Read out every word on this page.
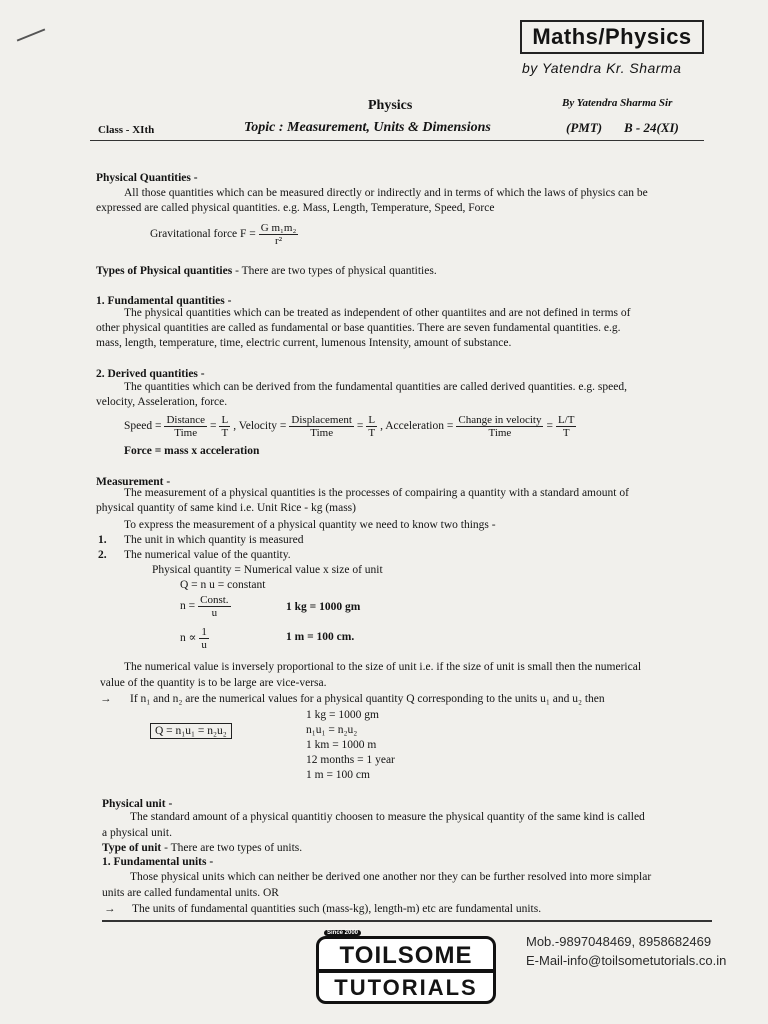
Maths/Physics
by Yatendra Kr. Sharma
Physics	By Yatendra Sharma Sir
Class - XIth	Topic : Measurement, Units & Dimensions	(PMT) B - 24(XI)
Physical Quantities -
All those quantities which can be measured directly or indirectly and in terms of which the laws of physics can be
expressed are called physical quantities. e.g. Mass, Length, Temperature, Speed, Force
Gravitational force $F = \frac{\text{G m₁m₂}}{\text{r²}}$
Types of Physical quantities - There are two types of physical quantities.
1. Fundamental quantities -
The physical quantities which can be treated as independent of other quantiites and are not defined in terms of
other physical quantities are called as fundamental or base quantities. There are seven fundamental quantities. e.g.
mass, length, temperature, time, electric current, lumenous Intensity, amount of substance.
2. Derived quantities -
The quantities which can be derived from the fundamental quantities are called derived quantities. e.g. speed,
velocity, Asseleration, force.
Speed = $\frac{\text{Distance}}{\text{Time}} = \frac{L}{T}$ , Velocity = $\frac{\text{Displacement}}{\text{Time}} = \frac{L}{T}$ , Acceleration = $\frac{\text{Change in velocity}}{\text{Time}} = \frac{L/T}{T}$
Force = mass x acceleration
Measurement -
The measurement of a physical quantities is the processes of compairing a quantity with a standard amount of
physical quantity of same kind i.e. Unit Rice - kg (mass)
To express the measurement of a physical quantity we need to know two things -
1. The unit in which quantity is measured
2. The numerical value of the quantity.
Physical quantity = Numerical value x size of unit
Q = n u = constant
$n = \frac{\text{Const.}}{u}$	1 kg = 1000 gm
$n \propto \frac{1}{u}$	1 m = 100 cm.
The numerical value is inversely proportional to the size of unit i.e. if the size of unit is small then the numerical
value of the quantity is to be large are vice-versa.
→ If n₁ and n₂ are the numerical values for a physical quantity Q corresponding to the units u₁ and u₂ then
Q = n₁u₁ = n₂u₂
1 kg = 1000 gm
n₁u₁ = n₂u₂
1 km = 1000 m
12 months = 1 year
1 m = 100 cm
Physical unit -
The standard amount of a physical quantitiy choosen to measure the physical quantity of the same kind is called
a physical unit.
Type of unit - There are two types of units.
1. Fundamental units -
Those physical units which can neither be derived one another nor they can be further resolved into more simplar
units are called fundamental units. OR
→ The units of fundamental quantities such (mass-kg), length-m) etc are fundamental units.
TOILSOME
TUTORIALS
Since 2000
Mob.-9897048469, 8958682469
E-Mail-info@toilsometutorials.co.in
